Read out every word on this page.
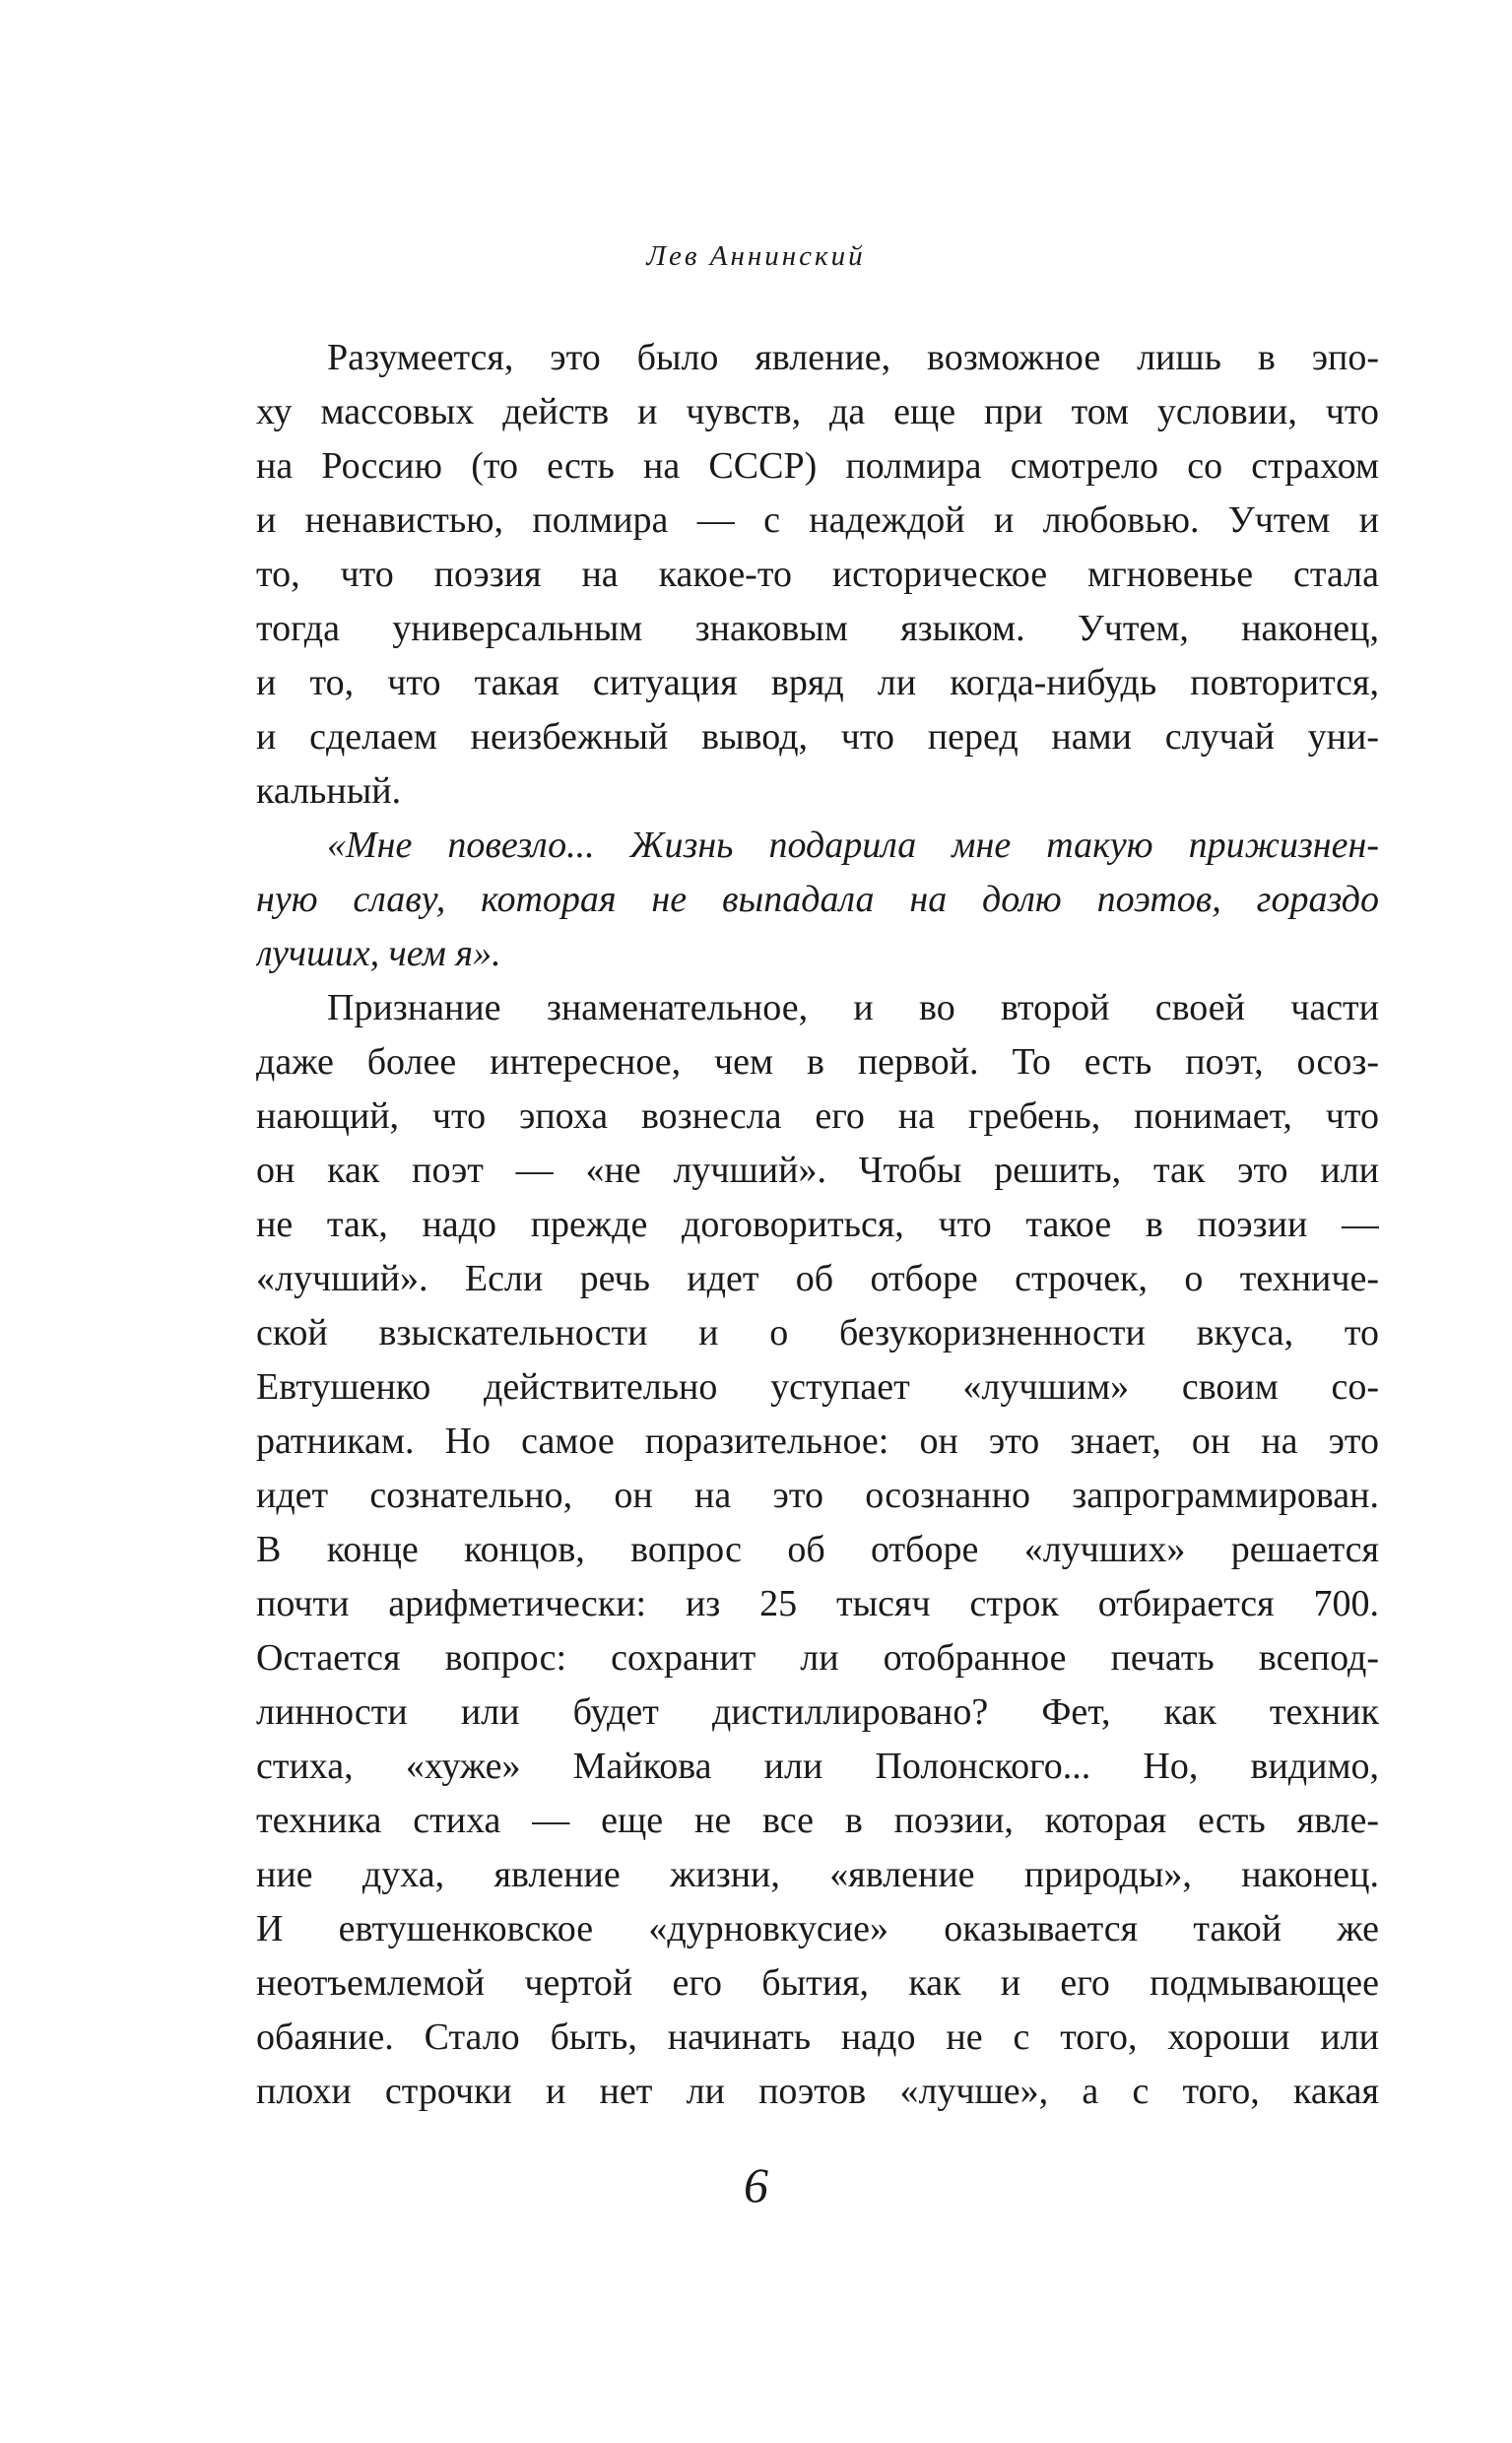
Лев Аннинский
Разумеется, это было явление, возможное лишь в эпо-
ху массовых действ и чувств, да еще при том условии, что
на Россию (то есть на СССР) полмира смотрело со страхом
и ненавистью, полмира — с надеждой и любовью. Учтем и
то, что поэзия на какое-то историческое мгновенье стала
тогда универсальным знаковым языком. Учтем, наконец,
и то, что такая ситуация вряд ли когда-нибудь повторится,
и сделаем неизбежный вывод, что перед нами случай уни-
кальный.
«Мне повезло... Жизнь подарила мне такую прижизнен-
ную славу, которая не выпадала на долю поэтов, гораздо
лучших, чем я».
Признание знаменательное, и во второй своей части
даже более интересное, чем в первой. То есть поэт, осоз-
нающий, что эпоха вознесла его на гребень, понимает, что
он как поэт — «не лучший». Чтобы решить, так это или
не так, надо прежде договориться, что такое в поэзии —
«лучший». Если речь идет об отборе строчек, о техниче-
ской взыскательности и о безукоризненности вкуса, то
Евтушенко действительно уступает «лучшим» своим со-
ратникам. Но самое поразительное: он это знает, он на это
идет сознательно, он на это осознанно запрограммирован.
В конце концов, вопрос об отборе «лучших» решается
почти арифметически: из 25 тысяч строк отбирается 700.
Остается вопрос: сохранит ли отобранное печать всепод-
линности или будет дистиллировано? Фет, как техник
стиха, «хуже» Майкова или Полонского... Но, видимо,
техника стиха — еще не все в поэзии, которая есть явле-
ние духа, явление жизни, «явление природы», наконец.
И евтушенковское «дурновкусие» оказывается такой же
неотъемлемой чертой его бытия, как и его подмывающее
обаяние. Стало быть, начинать надо не с того, хороши или
плохи строчки и нет ли поэтов «лучше», а с того, какая
6
